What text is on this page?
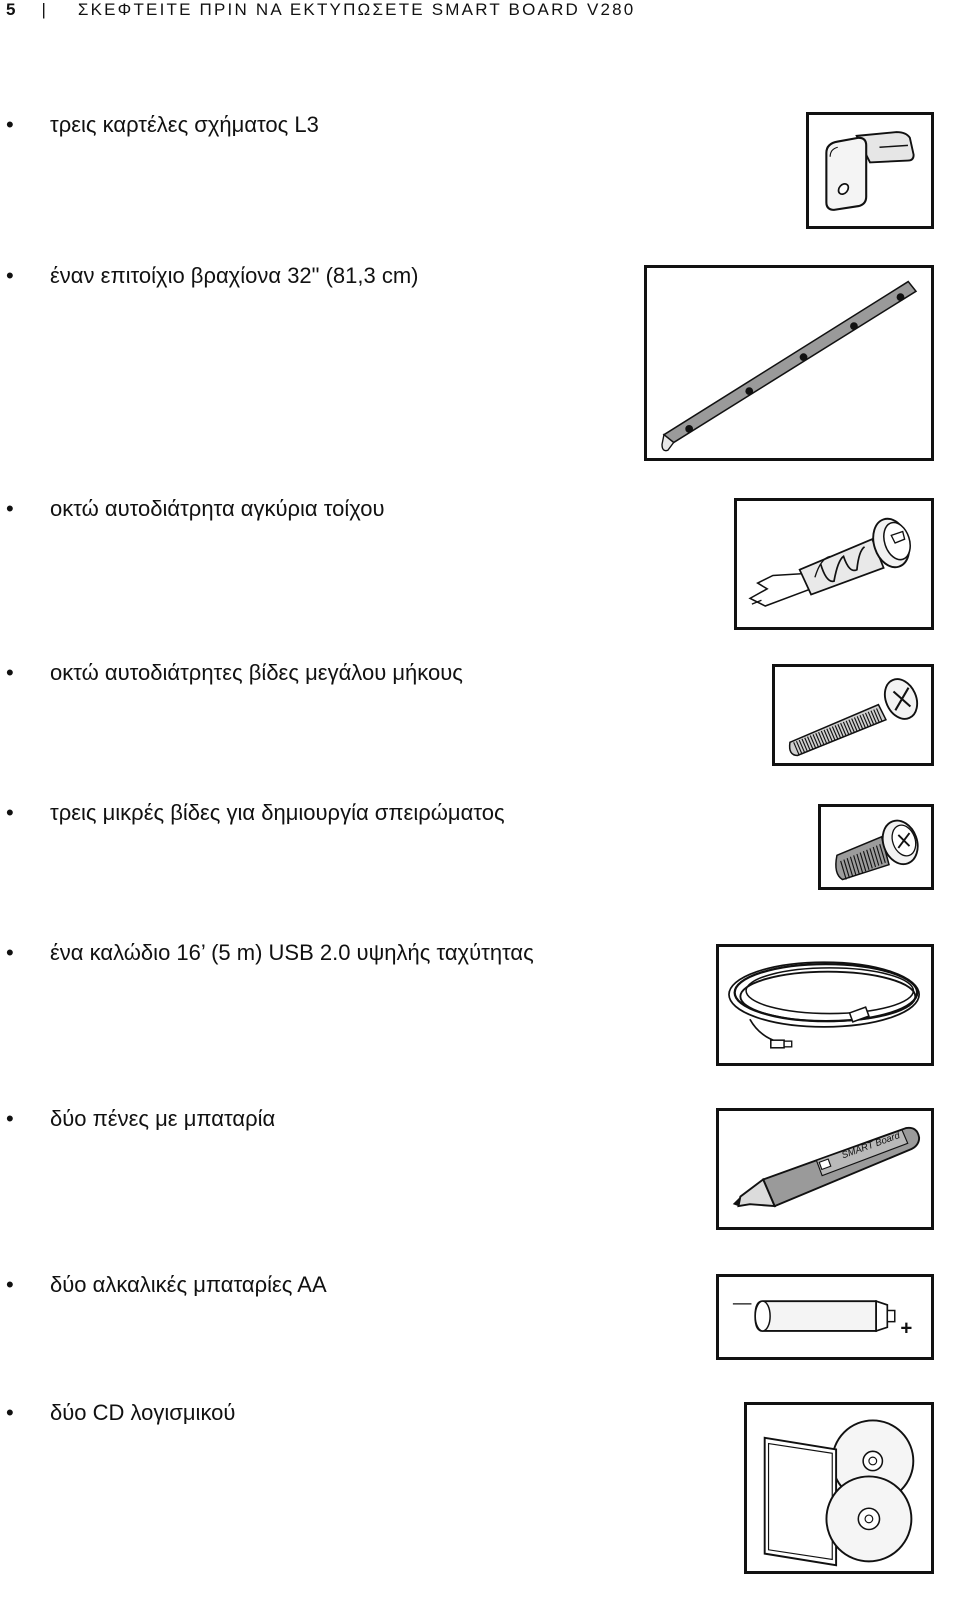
5 | ΣΚΕΦΤΕΙΤΕ ΠΡΙΝ ΝΑ ΕΚΤΥΠΩΣΕΤΕ SMART BOARD V280
• τρεις καρτέλες σχήματος L3
• έναν επιτοίχιο βραχίονα 32" (81,3 cm)
• οκτώ αυτοδιάτρητα αγκύρια τοίχου
• οκτώ αυτοδιάτρητες βίδες μεγάλου μήκους
• τρεις μικρές βίδες για δημιουργία σπειρώματος
• ένα καλώδιο 16’ (5 m) USB 2.0 υψηλής ταχύτητας
• δύο πένες με μπαταρία
• δύο αλκαλικές μπαταρίες ΑΑ
• δύο CD λογισμικού
SMART Board
—
+
